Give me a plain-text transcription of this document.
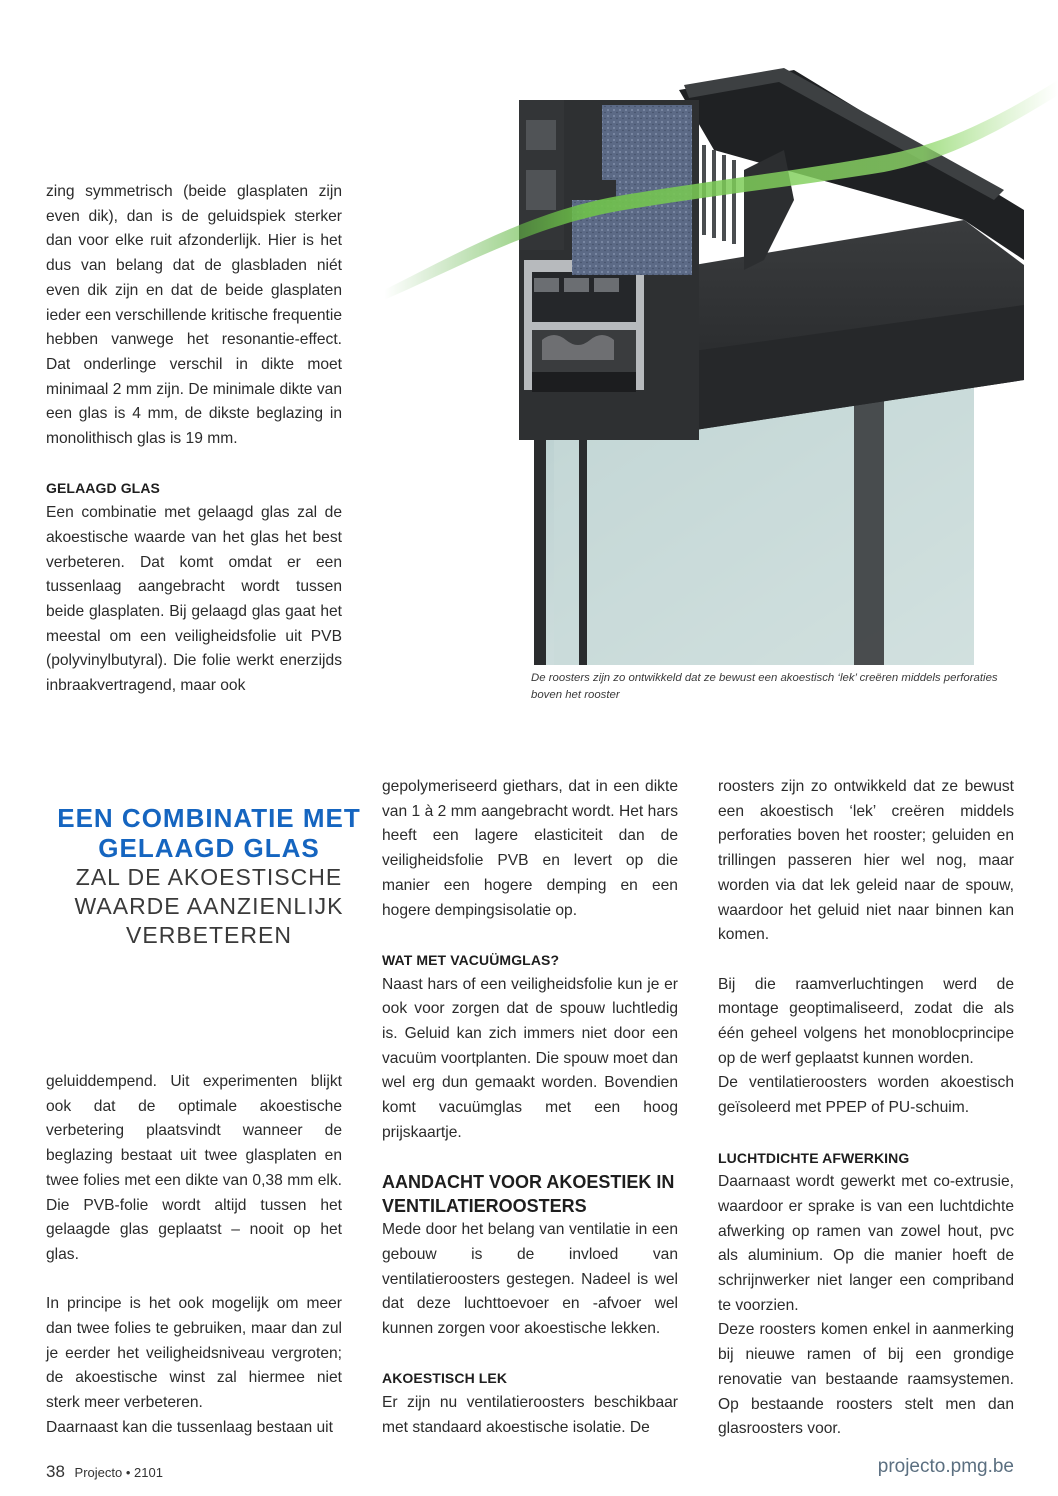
zing symmetrisch (beide glasplaten zijn even dik), dan is de geluidspiek sterker dan voor elke ruit afzonderlijk. Hier is het dus van belang dat de glasbladen niét even dik zijn en dat de beide glasplaten ieder een verschillende kritische frequentie hebben vanwege het resonantie-effect. Dat onderlinge verschil in dikte moet minimaal 2 mm zijn. De minimale dikte van een glas is 4 mm, de dikste beglazing in monolithisch glas is 19 mm.

GELAAGD GLAS

Een combinatie met gelaagd glas zal de akoestische waarde van het glas het best verbeteren. Dat komt omdat er een tussenlaag aangebracht wordt tussen beide glasplaten. Bij gelaagd glas gaat het meestal om een veiligheidsfolie uit PVB (polyvinylbutyral). Die folie werkt enerzijds inbraakvertragend, maar ook	De roosters zijn zo ontwikkeld dat ze bewust een akoestisch ‘lek’ creëren middels perforaties boven het rooster
EEN COMBINATIE MET GELAAGD GLAS
ZAL DE AKOESTISCHE WAARDE AANZIENLIJK VERBETEREN

geluiddempend. Uit experimenten blijkt ook dat de optimale akoestische verbetering plaatsvindt wanneer de beglazing bestaat uit twee glasplaten en twee folies met een dikte van 0,38 mm elk. Die PVB-folie wordt altijd tussen het gelaagde glas geplaatst – nooit op het glas.

In principe is het ook mogelijk om meer dan twee folies te gebruiken, maar dan zul je eerder het veiligheidsniveau vergroten; de akoestische winst zal hiermee niet sterk meer verbeteren.

Daarnaast kan die tussenlaag bestaan uit

gepolymeriseerd giethars, dat in een dikte van 1 à 2 mm aangebracht wordt. Het hars heeft een lagere elasticiteit dan de veiligheidsfolie PVB en levert op die manier een hogere demping en een hogere dempingsisolatie op.

WAT MET VACUÜMGLAS?

Naast hars of een veiligheidsfolie kun je er ook voor zorgen dat de spouw luchtledig is. Geluid kan zich immers niet door een vacuüm voortplanten. Die spouw moet dan wel erg dun gemaakt worden. Bovendien komt vacuümglas met een hoog prijskaartje.

AANDACHT VOOR AKOESTIEK IN VENTILATIEROOSTERS

Mede door het belang van ventilatie in een gebouw is de invloed van ventilatieroosters gestegen. Nadeel is wel dat deze luchttoevoer en -afvoer wel kunnen zorgen voor akoestische lekken.

AKOESTISCH LEK

Er zijn nu ventilatieroosters beschikbaar met standaard akoestische isolatie. De

roosters zijn zo ontwikkeld dat ze bewust een akoestisch ‘lek’ creëren middels perforaties boven het rooster; geluiden en trillingen passeren hier wel nog, maar worden via dat lek geleid naar de spouw, waardoor het geluid niet naar binnen kan komen.

Bij die raamverluchtingen werd de montage geoptimaliseerd, zodat die als één geheel volgens het monoblocprincipe op de werf geplaatst kunnen worden.

De ventilatieroosters worden akoestisch geïsoleerd met PPEP of PU-schuim.

LUCHTDICHTE AFWERKING

Daarnaast wordt gewerkt met co-extrusie, waardoor er sprake is van een luchtdichte afwerking op ramen van zowel hout, pvc als aluminium. Op die manier hoeft de schrijnwerker niet langer een compriband te voorzien.

Deze roosters komen enkel in aanmerking bij nieuwe ramen of bij een grondige renovatie van bestaande raamsystemen. Op bestaande roosters stelt men dan glasroosters voor.

38 Projecto • 2101	projecto.pmg.be
